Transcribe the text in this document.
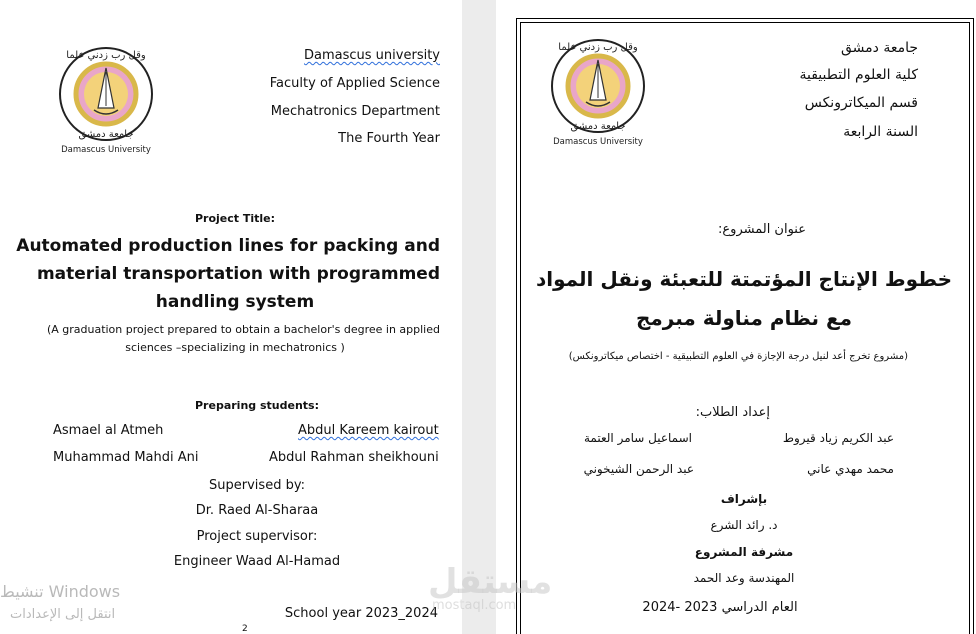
وقل رب زدني علما
جامعة دمشق
Damascus University
Damascus university
Faculty of Applied Science
Mechatronics Department
The Fourth Year
Project Title:
Automated production lines for packing and
material transportation with programmed
handling system
(A graduation project prepared to obtain a bachelor's degree in applied
sciences –specializing in mechatronics )
Preparing students:
Asmael al Atmeh	Abdul Kareem kairout
Muhammad Mahdi Ani	Abdul Rahman sheikhouni
Supervised by:
Dr. Raed Al-Sharaa
Project supervisor:
Engineer Waad Al-Hamad
School year 2023_2024
2
وقل رب زدني علما
جامعة دمشق
Damascus University
جامعة دمشق
كلية العلوم التطبيقية
قسم الميكاترونكس
السنة الرابعة
عنوان المشروع:
خطوط الإنتاج المؤتمتة للتعبئة ونقل المواد
مع نظام مناولة مبرمج
(مشروع تخرج أعد لنيل درجة الإجازة في العلوم التطبيقية - اختصاص ميكاترونكس)
إعداد الطلاب:
عبد الكريم زياد قيروط
اسماعيل سامر العتمة
محمد مهدي عاني
عبد الرحمن الشيخوني
بإشراف
د. رائد الشرع
مشرفة المشروع
المهندسة وعد الحمد
العام الدراسي 2023 -2024
مستقل
mostaql.com
تنشيط Windows
انتقل إلى الإعدادات
